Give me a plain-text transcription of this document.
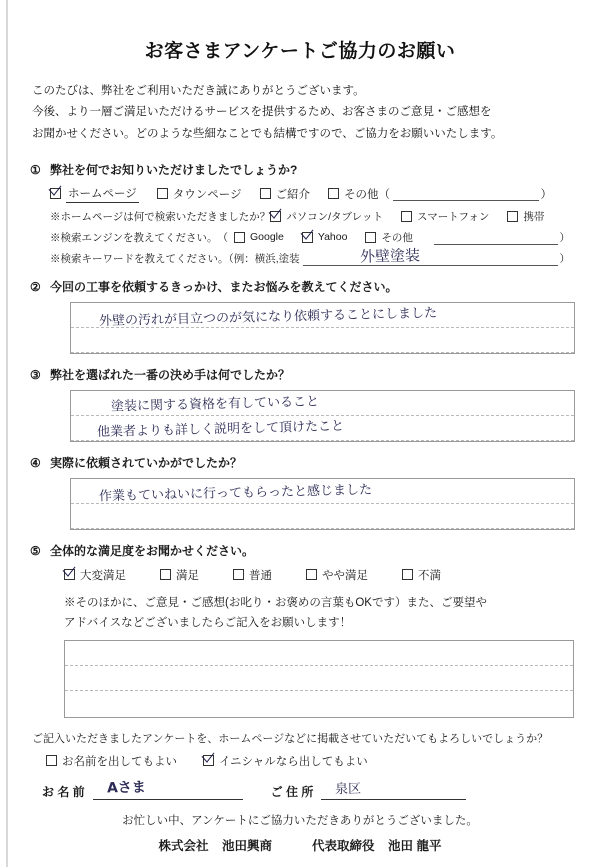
お客さまアンケートご協力のお願い
このたびは、弊社をご利用いただき誠にありがとうございます。
今後、より一層ご満足いただけるサービスを提供するため、お客さまのご意見・ご感想を
お聞かせください。どのような些細なことでも結構ですので、ご協力をお願いいたします。
① 弊社を何でお知りいただけましたでしょうか?
ホームページ	タウンページ	ご紹介	その他（	）
※ホームページは何で検索いただきましたか？ パソコン/タブレット	スマートフォン	携帯
※検索エンジンを教えてください。　（ Google	Yahoo	その他	）
※検索キーワードを教えてください。（例：横浜,塗装	）
外壁塗装
② 今回の工事を依頼するきっかけ、またお悩みを教えてください。
外壁の汚れが目立つのが気になり依頼することにしました
③ 弊社を選ばれた一番の決め手は何でしたか？
塗装に関する資格を有していること
他業者よりも詳しく説明をして頂けたこと
④ 実際に依頼されていかがでしたか？
作業もていねいに行ってもらったと感じました
⑤ 全体的な満足度をお聞かせください。
大変満足	満足	普通	やや満足	不満
※そのほかに、ご意見・ご感想(お叱り・お褒めの言葉もOKです）また、ご要望や
アドバイスなどございましたらご記入をお願いします！
ご記入いただきましたアンケートを、ホームページなどに掲載させていただいてもよろしいでしょうか？
お名前を出してもよい	イニシャルなら出してもよい
お 名 前 Aさま	ご 住 所 泉区
お忙しい中、アンケートにご協力いただきありがとうございました。
株式会社 池田興商	代表取締役 池田 龍平
